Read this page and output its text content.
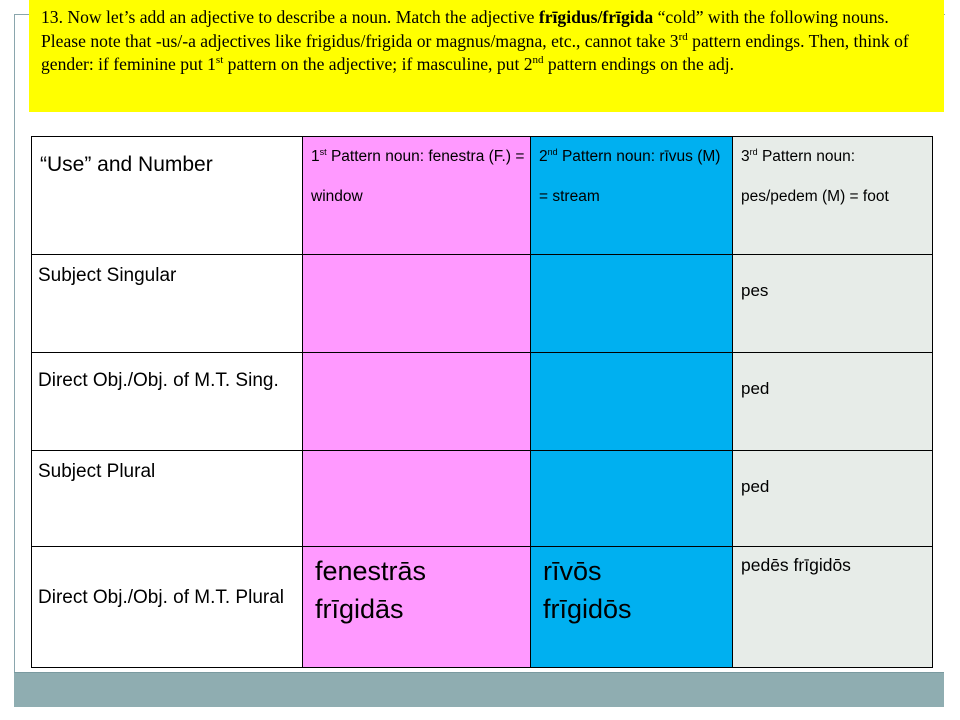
13. Now let’s add an adjective to describe a noun. Match the adjective frīgidus/frīgida “cold” with the following nouns. Please note that -us/-a adjectives like frigidus/frigida or magnus/magna, etc., cannot take 3rd pattern endings. Then, think of gender: if feminine put 1st pattern on the adjective; if masculine, put 2nd pattern endings on the adj.
“Use” and Number	1st Pattern noun: fenestra (F.) = window	2nd Pattern noun: rīvus (M) = stream	3rd Pattern noun: pes/pedem (M) = foot

Subject Singular			pes

Direct Obj./Obj. of M.T. Sing.			ped

Subject Plural			ped

Direct Obj./Obj. of M.T. Plural	fenestrās frīgidās	rīvōs frīgidōs	pedēs frīgidōs
